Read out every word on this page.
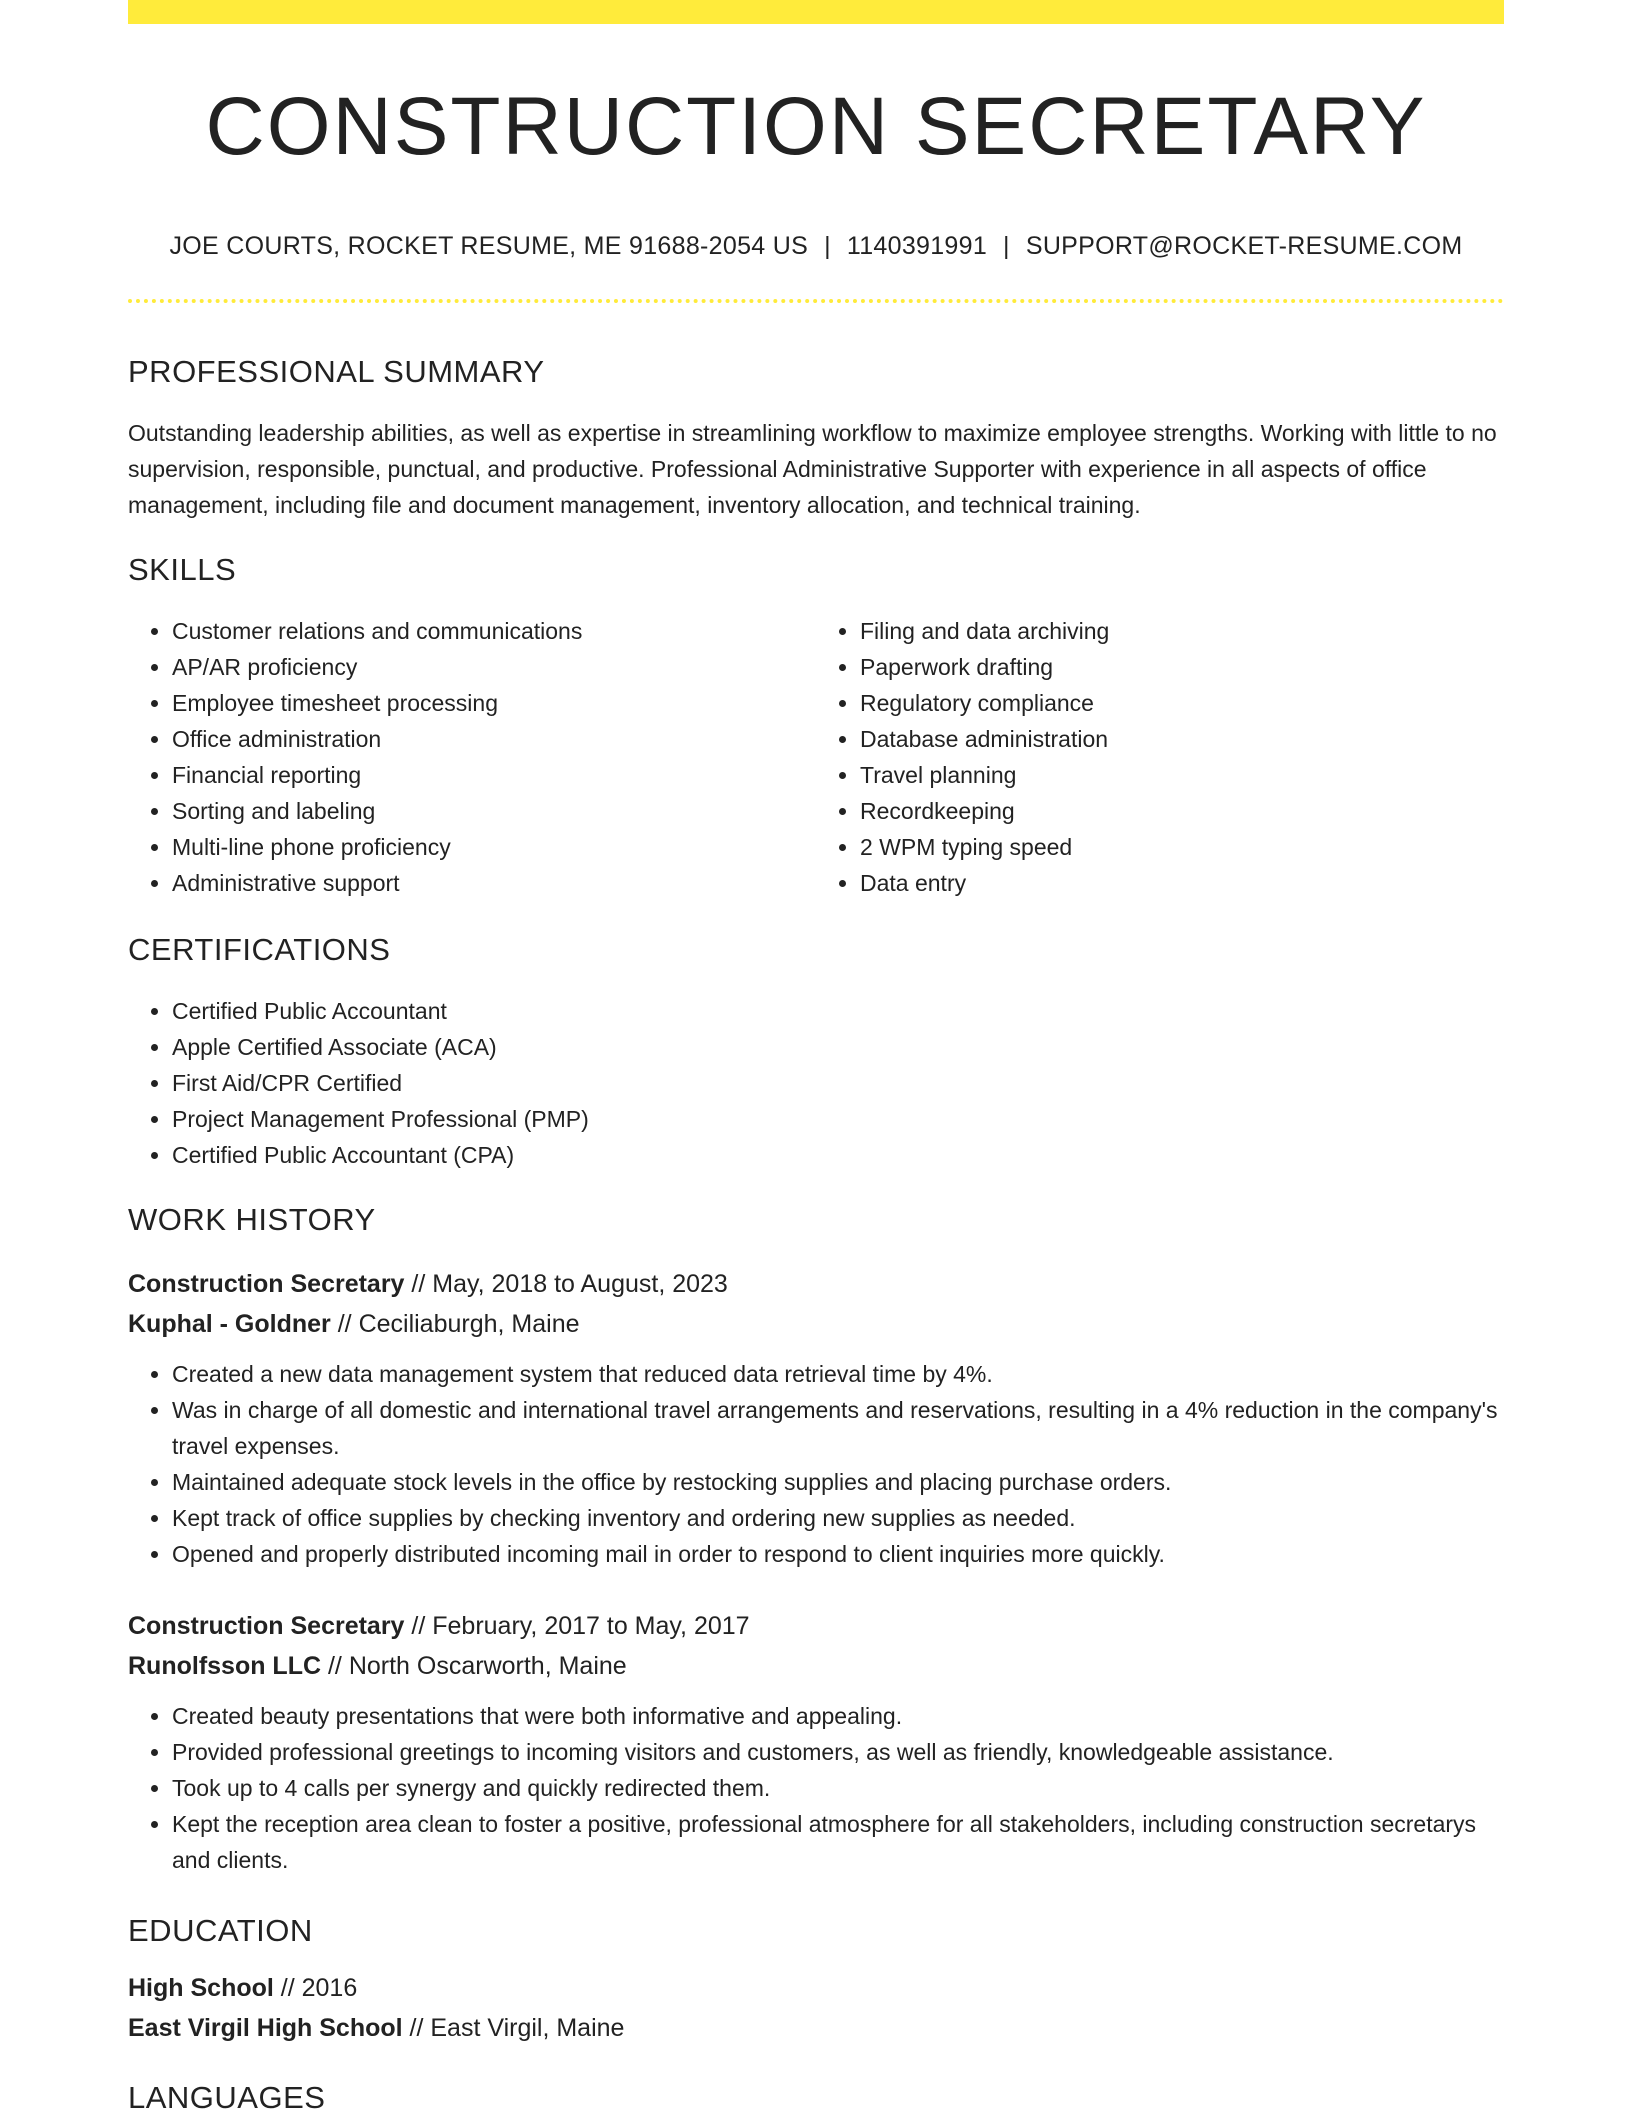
CONSTRUCTION SECRETARY
JOE COURTS, ROCKET RESUME, ME 91688-2054 US | 1140391991 | SUPPORT@ROCKET-RESUME.COM
PROFESSIONAL SUMMARY

Outstanding leadership abilities, as well as expertise in streamlining workflow to maximize employee strengths. Working with little to no supervision, responsible, punctual, and productive. Professional Administrative Supporter with experience in all aspects of office management, including file and document management, inventory allocation, and technical training.

SKILLS
• Customer relations and communications
• AP/AR proficiency
• Employee timesheet processing
• Office administration
• Financial reporting
• Sorting and labeling
• Multi-line phone proficiency
• Administrative support
• Filing and data archiving
• Paperwork drafting
• Regulatory compliance
• Database administration
• Travel planning
• Recordkeeping
• 2 WPM typing speed
• Data entry
CERTIFICATIONS
• Certified Public Accountant
• Apple Certified Associate (ACA)
• First Aid/CPR Certified
• Project Management Professional (PMP)
• Certified Public Accountant (CPA)
WORK HISTORY
Construction Secretary // May, 2018 to August, 2023
Kuphal - Goldner // Ceciliaburgh, Maine
• Created a new data management system that reduced data retrieval time by 4%.
• Was in charge of all domestic and international travel arrangements and reservations, resulting in a 4% reduction in the company's travel expenses.
• Maintained adequate stock levels in the office by restocking supplies and placing purchase orders.
• Kept track of office supplies by checking inventory and ordering new supplies as needed.
• Opened and properly distributed incoming mail in order to respond to client inquiries more quickly.
Construction Secretary // February, 2017 to May, 2017
Runolfsson LLC // North Oscarworth, Maine
• Created beauty presentations that were both informative and appealing.
• Provided professional greetings to incoming visitors and customers, as well as friendly, knowledgeable assistance.
• Took up to 4 calls per synergy and quickly redirected them.
• Kept the reception area clean to foster a positive, professional atmosphere for all stakeholders, including construction secretarys and clients.
EDUCATION
High School // 2016
East Virgil High School // East Virgil, Maine
LANGUAGES
